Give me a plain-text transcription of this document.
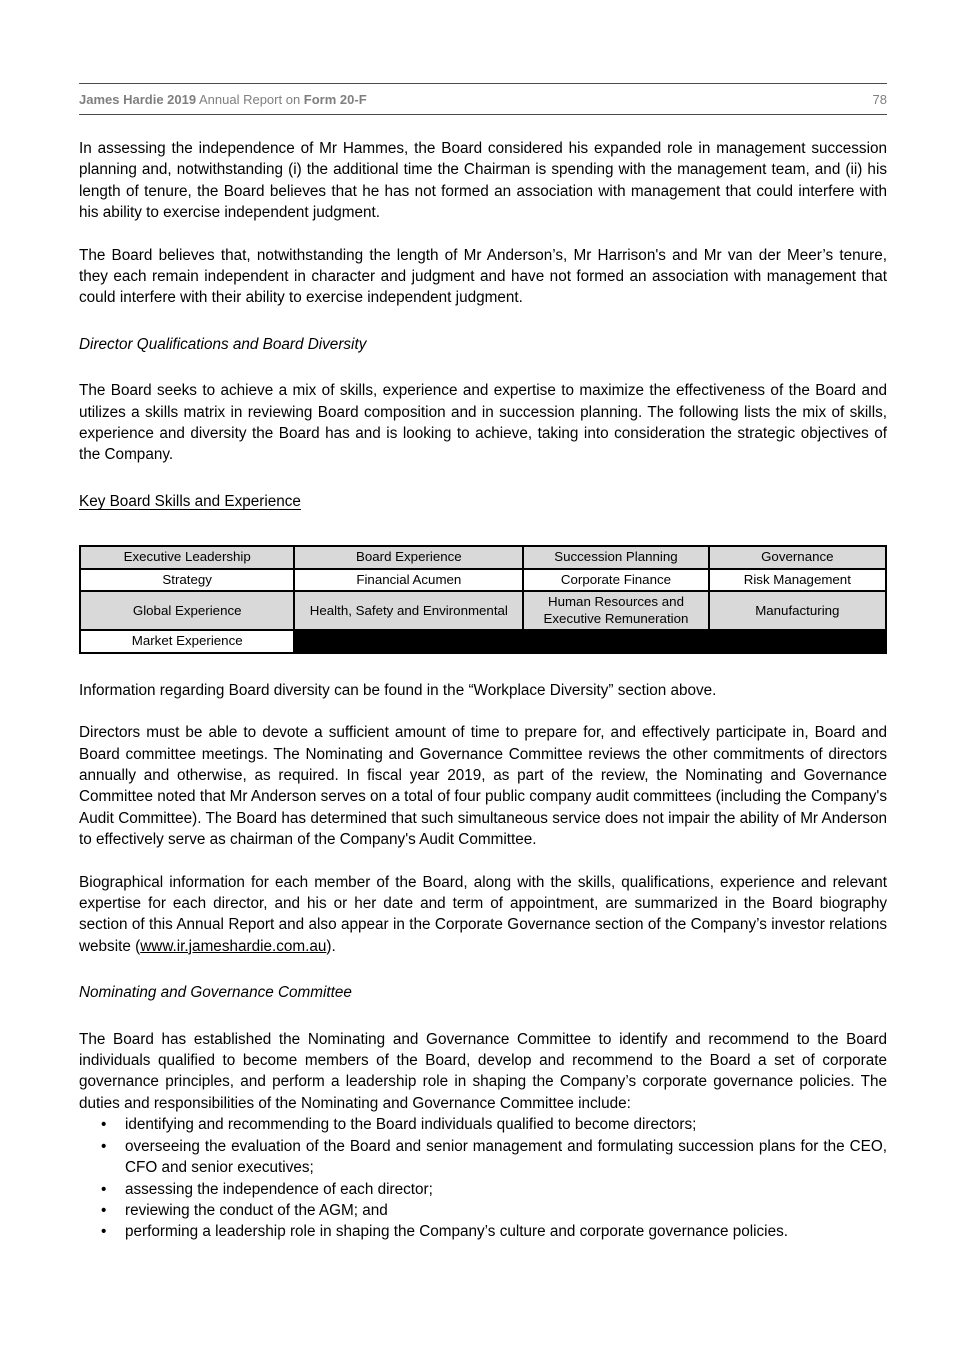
James Hardie 2019 Annual Report on Form 20-F	78

In assessing the independence of Mr Hammes, the Board considered his expanded role in management succession planning and, notwithstanding (i) the additional time the Chairman is spending with the management team, and (ii) his length of tenure, the Board believes that he has not formed an association with management that could interfere with his ability to exercise independent judgment.

The Board believes that, notwithstanding the length of Mr Anderson’s, Mr Harrison's and Mr van der Meer’s tenure, they each remain independent in character and judgment and have not formed an association with management that could interfere with their ability to exercise independent judgment.

Director Qualifications and Board Diversity

The Board seeks to achieve a mix of skills, experience and expertise to maximize the effectiveness of the Board and utilizes a skills matrix in reviewing Board composition and in succession planning. The following lists the mix of skills, experience and diversity the Board has and is looking to achieve, taking into consideration the strategic objectives of the Company.

Key Board Skills and Experience
Executive Leadership	Board Experience	Succession Planning	Governance
Strategy	Financial Acumen	Corporate Finance	Risk Management
Global Experience	Health, Safety and Environmental	Human Resources and Executive Remuneration	Manufacturing
Market Experience			

Information regarding Board diversity can be found in the “Workplace Diversity” section above.

Directors must be able to devote a sufficient amount of time to prepare for, and effectively participate in, Board and Board committee meetings. The Nominating and Governance Committee reviews the other commitments of directors annually and otherwise, as required. In fiscal year 2019, as part of the review, the Nominating and Governance Committee noted that Mr Anderson serves on a total of four public company audit committees (including the Company's Audit Committee). The Board has determined that such simultaneous service does not impair the ability of Mr Anderson to effectively serve as chairman of the Company's Audit Committee.

Biographical information for each member of the Board, along with the skills, qualifications, experience and relevant expertise for each director, and his or her date and term of appointment, are summarized in the Board biography section of this Annual Report and also appear in the Corporate Governance section of the Company’s investor relations website (www.ir.jameshardie.com.au).

Nominating and Governance Committee

The Board has established the Nominating and Governance Committee to identify and recommend to the Board individuals qualified to become members of the Board, develop and recommend to the Board a set of corporate governance principles, and perform a leadership role in shaping the Company’s corporate governance policies. The duties and responsibilities of the Nominating and Governance Committee include:

• identifying and recommending to the Board individuals qualified to become directors;
• overseeing the evaluation of the Board and senior management and formulating succession plans for the CEO, CFO and senior executives;
• assessing the independence of each director;
• reviewing the conduct of the AGM; and
• performing a leadership role in shaping the Company’s culture and corporate governance policies.
